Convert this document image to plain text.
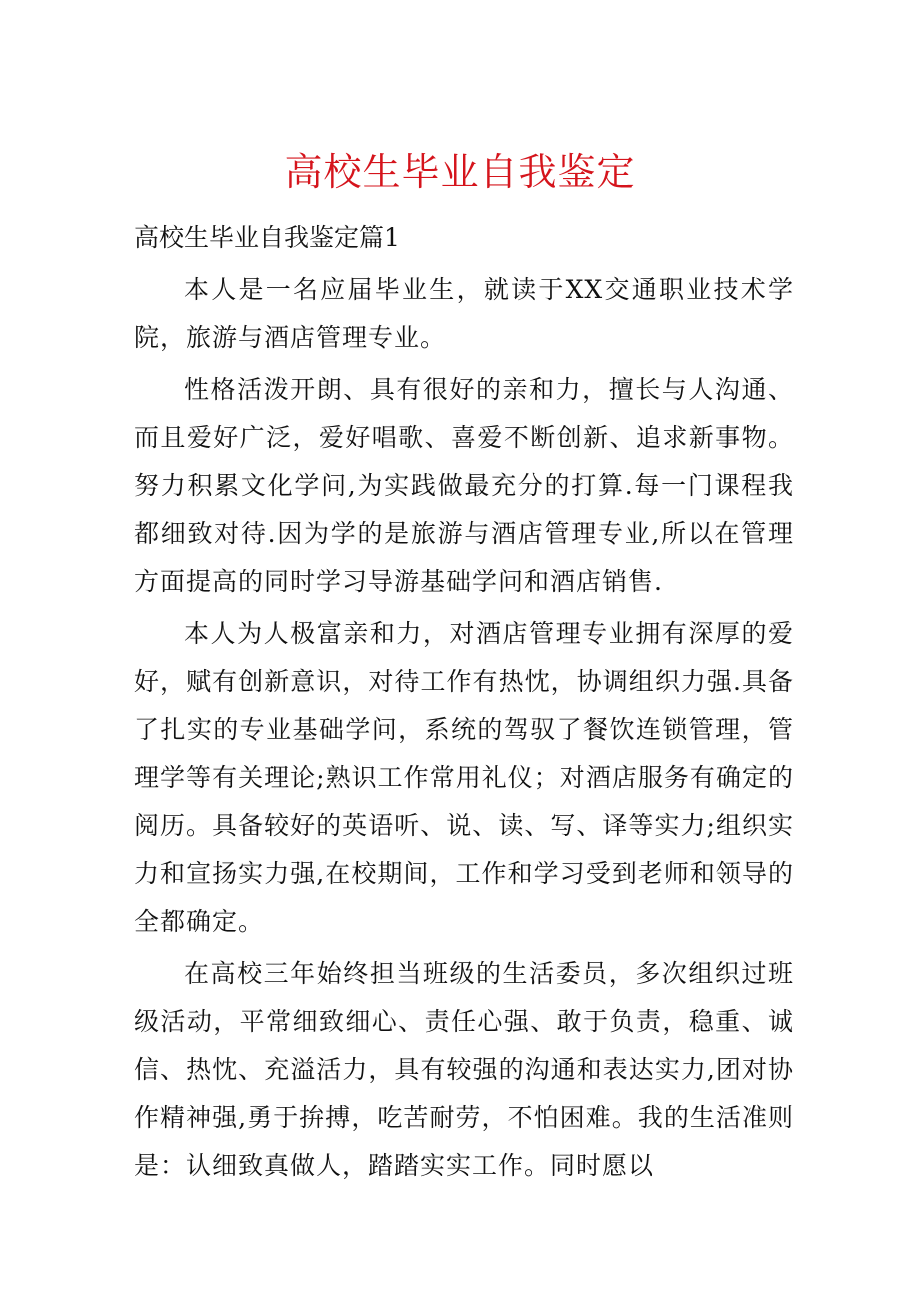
高校生毕业自我鉴定
高校生毕业自我鉴定篇1

本人是一名应届毕业生，就读于XX交通职业技术学院，旅游与酒店管理专业。

性格活泼开朗、具有很好的亲和力，擅长与人沟通、而且爱好广泛，爱好唱歌、喜爱不断创新、追求新事物。努力积累文化学问,为实践做最充分的打算.每一门课程我都细致对待.因为学的是旅游与酒店管理专业,所以在管理方面提高的同时学习导游基础学问和酒店销售.

本人为人极富亲和力，对酒店管理专业拥有深厚的爱好，赋有创新意识，对待工作有热忱，协调组织力强.具备了扎实的专业基础学问，系统的驾驭了餐饮连锁管理，管理学等有关理论;熟识工作常用礼仪；对酒店服务有确定的阅历。具备较好的英语听、说、读、写、译等实力;组织实力和宣扬实力强,在校期间，工作和学习受到老师和领导的全都确定。

在高校三年始终担当班级的生活委员，多次组织过班级活动，平常细致细心、责任心强、敢于负责，稳重、诚信、热忱、充溢活力，具有较强的沟通和表达实力,团对协作精神强,勇于拚搏，吃苦耐劳，不怕困难。我的生活准则是：认细致真做人，踏踏实实工作。同时愿以
